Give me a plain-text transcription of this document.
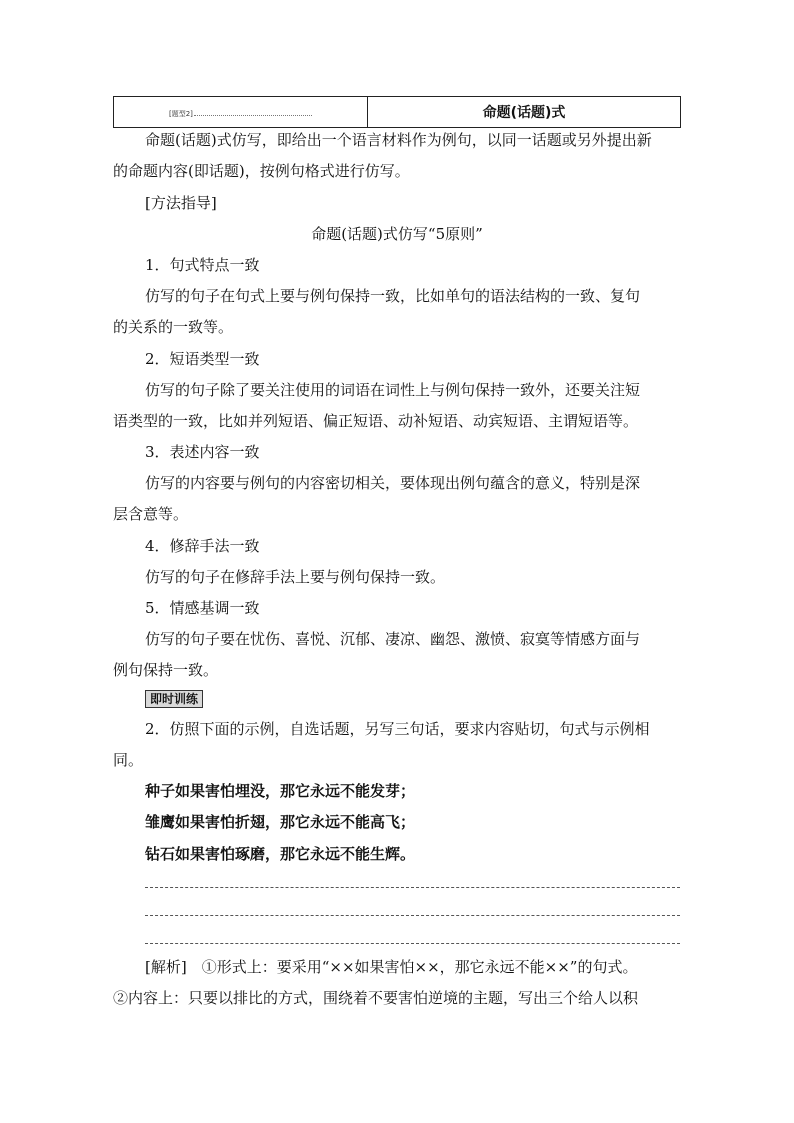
[题型2]	命题(话题)式
命题(话题)式仿写，即给出一个语言材料作为例句，以同一话题或另外提出新
的命题内容(即话题)，按例句格式进行仿写。
[方法指导]
命题(话题)式仿写“5原则”
1．句式特点一致
仿写的句子在句式上要与例句保持一致，比如单句的语法结构的一致、复句
的关系的一致等。
2．短语类型一致
仿写的句子除了要关注使用的词语在词性上与例句保持一致外，还要关注短
语类型的一致，比如并列短语、偏正短语、动补短语、动宾短语、主谓短语等。
3．表述内容一致
仿写的内容要与例句的内容密切相关，要体现出例句蕴含的意义，特别是深
层含意等。
4．修辞手法一致
仿写的句子在修辞手法上要与例句保持一致。
5．情感基调一致
仿写的句子要在忧伤、喜悦、沉郁、凄凉、幽怨、激愤、寂寞等情感方面与
例句保持一致。
即时训练
2．仿照下面的示例，自选话题，另写三句话，要求内容贴切，句式与示例相
同。
种子如果害怕埋没，那它永远不能发芽；
雏鹰如果害怕折翅，那它永远不能高飞；
钻石如果害怕琢磨，那它永远不能生辉。
[解析]　①形式上：要采用“××如果害怕××，那它永远不能××”的句式。
②内容上：只要以排比的方式，围绕着不要害怕逆境的主题，写出三个给人以积
